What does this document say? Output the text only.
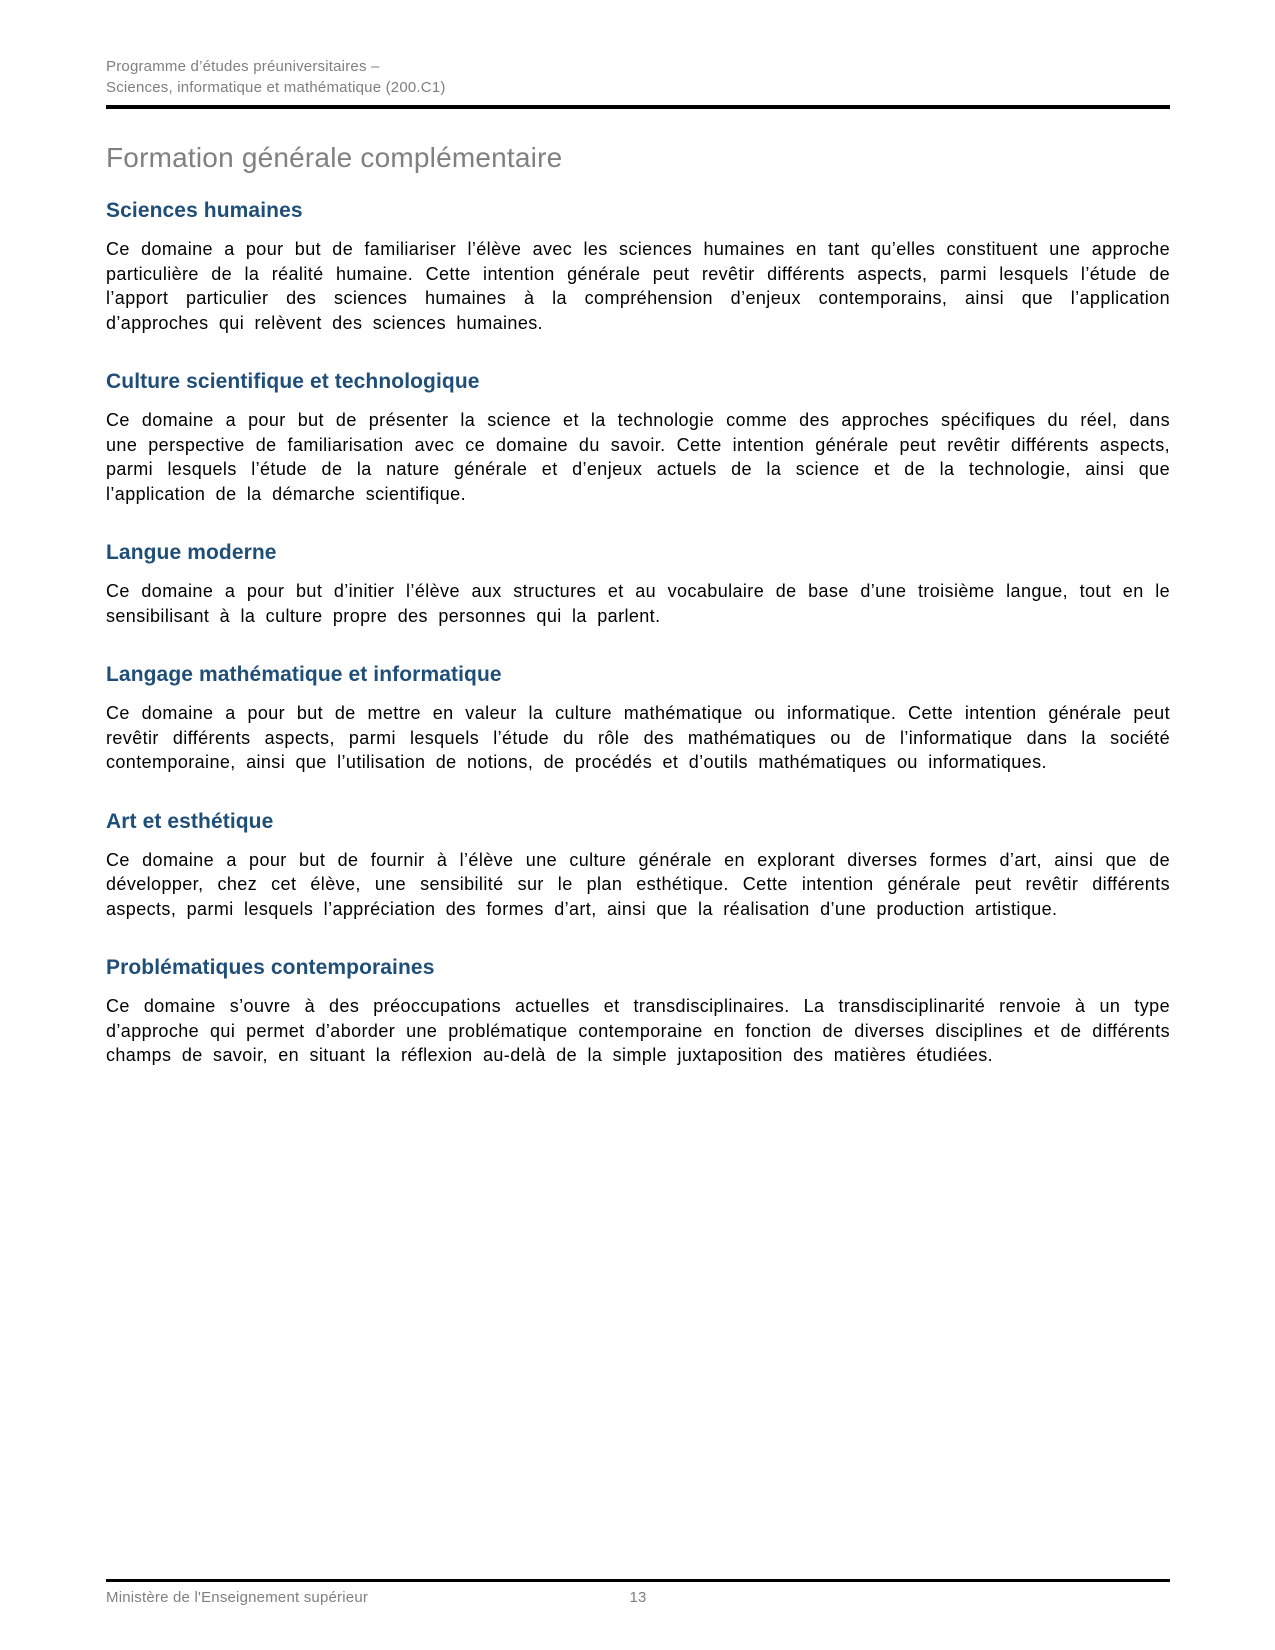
Programme d’études préuniversitaires –
Sciences, informatique et mathématique (200.C1)
Formation générale complémentaire
Sciences humaines

Ce domaine a pour but de familiariser l’élève avec les sciences humaines en tant qu’elles constituent une approche particulière de la réalité humaine. Cette intention générale peut revêtir différents aspects, parmi lesquels l’étude de l’apport particulier des sciences humaines à la compréhension d’enjeux contemporains, ainsi que l’application d’approches qui relèvent des sciences humaines.

Culture scientifique et technologique

Ce domaine a pour but de présenter la science et la technologie comme des approches spécifiques du réel, dans une perspective de familiarisation avec ce domaine du savoir. Cette intention générale peut revêtir différents aspects, parmi lesquels l’étude de la nature générale et d’enjeux actuels de la science et de la technologie, ainsi que l’application de la démarche scientifique.

Langue moderne

Ce domaine a pour but d’initier l’élève aux structures et au vocabulaire de base d’une troisième langue, tout en le sensibilisant à la culture propre des personnes qui la parlent.

Langage mathématique et informatique

Ce domaine a pour but de mettre en valeur la culture mathématique ou informatique. Cette intention générale peut revêtir différents aspects, parmi lesquels l’étude du rôle des mathématiques ou de l’informatique dans la société contemporaine, ainsi que l’utilisation de notions, de procédés et d’outils mathématiques ou informatiques.

Art et esthétique

Ce domaine a pour but de fournir à l’élève une culture générale en explorant diverses formes d’art, ainsi que de développer, chez cet élève, une sensibilité sur le plan esthétique. Cette intention générale peut revêtir différents aspects, parmi lesquels l’appréciation des formes d’art, ainsi que la réalisation d’une production artistique.

Problématiques contemporaines

Ce domaine s’ouvre à des préoccupations actuelles et transdisciplinaires. La transdisciplinarité renvoie à un type d’approche qui permet d’aborder une problématique contemporaine en fonction de diverses disciplines et de différents champs de savoir, en situant la réflexion au-delà de la simple juxtaposition des matières étudiées.

Ministère de l'Enseignement supérieur	13
